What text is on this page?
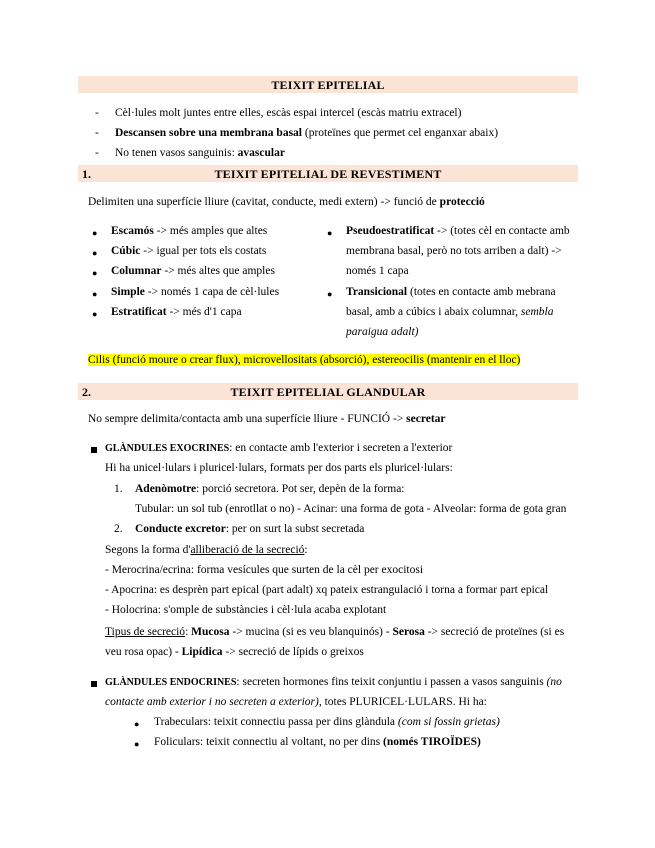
TEIXIT EPITELIAL
- Cèl·lules molt juntes entre elles, escàs espai intercel (escàs matriu extracel)
- Descansen sobre una membrana basal (proteïnes que permet cel enganxar abaix)
- No tenen vasos sanguinis: avascular
1.	TEIXIT EPITELIAL DE REVESTIMENT
Delimiten una superfície lliure (cavitat, conducte, medi extern) -> funció de protecció
● Escamós -> més amples que altes
● Cúbic -> igual per tots els costats
● Columnar -> més altes que amples
● Simple -> només 1 capa de cèl·lules
● Estratificat -> més d'1 capa
● Pseudoestratificat -> (totes cèl en contacte amb
membrana basal, però no tots arriben a dalt) ->
només 1 capa
● Transicional (totes en contacte amb mebrana
basal, amb a cúbics i abaix columnar, sembla
paraigua adalt)
Cilis (funció moure o crear flux), microvellositats (absorció), estereocilis (mantenir en el lloc)
2.	TEIXIT EPITELIAL GLANDULAR
No sempre delimita/contacta amb una superfície lliure - FUNCIÓ -> secretar
GLÀNDULES EXOCRINES: en contacte amb l'exterior i secreten a l'exterior
Hi ha unicel·lulars i pluricel·lulars, formats per dos parts els pluricel·lulars:
1. Adenòmotre: porció secretora. Pot ser, depèn de la forma:
Tubular: un sol tub (enrotllat o no) - Acinar: una forma de gota - Alveolar: forma de gota gran
2. Conducte excretor: per on surt la subst secretada
Segons la forma d'alliberació de la secreció:
- Merocrina/ecrina: forma vesícules que surten de la cèl per exocitosi
- Apocrina: es desprèn part epical (part adalt) xq pateix estrangulació i torna a formar part epical
- Holocrina: s'omple de substàncies i cèl·lula acaba explotant
Tipus de secreció: Mucosa -> mucina (si es veu blanquinós) - Serosa -> secreció de proteïnes (si es
veu rosa opac) - Lipídica -> secreció de lípids o greixos
GLÀNDULES ENDOCRINES: secreten hormones fins teixit conjuntiu i passen a vasos sanguinis (no
contacte amb exterior i no secreten a exterior), totes PLURICEL·LULARS. Hi ha:
● Trabeculars: teixit connectiu passa per dins glàndula (com si fossin grietas)
● Foliculars: teixit connectiu al voltant, no per dins (només TIROÏDES)
